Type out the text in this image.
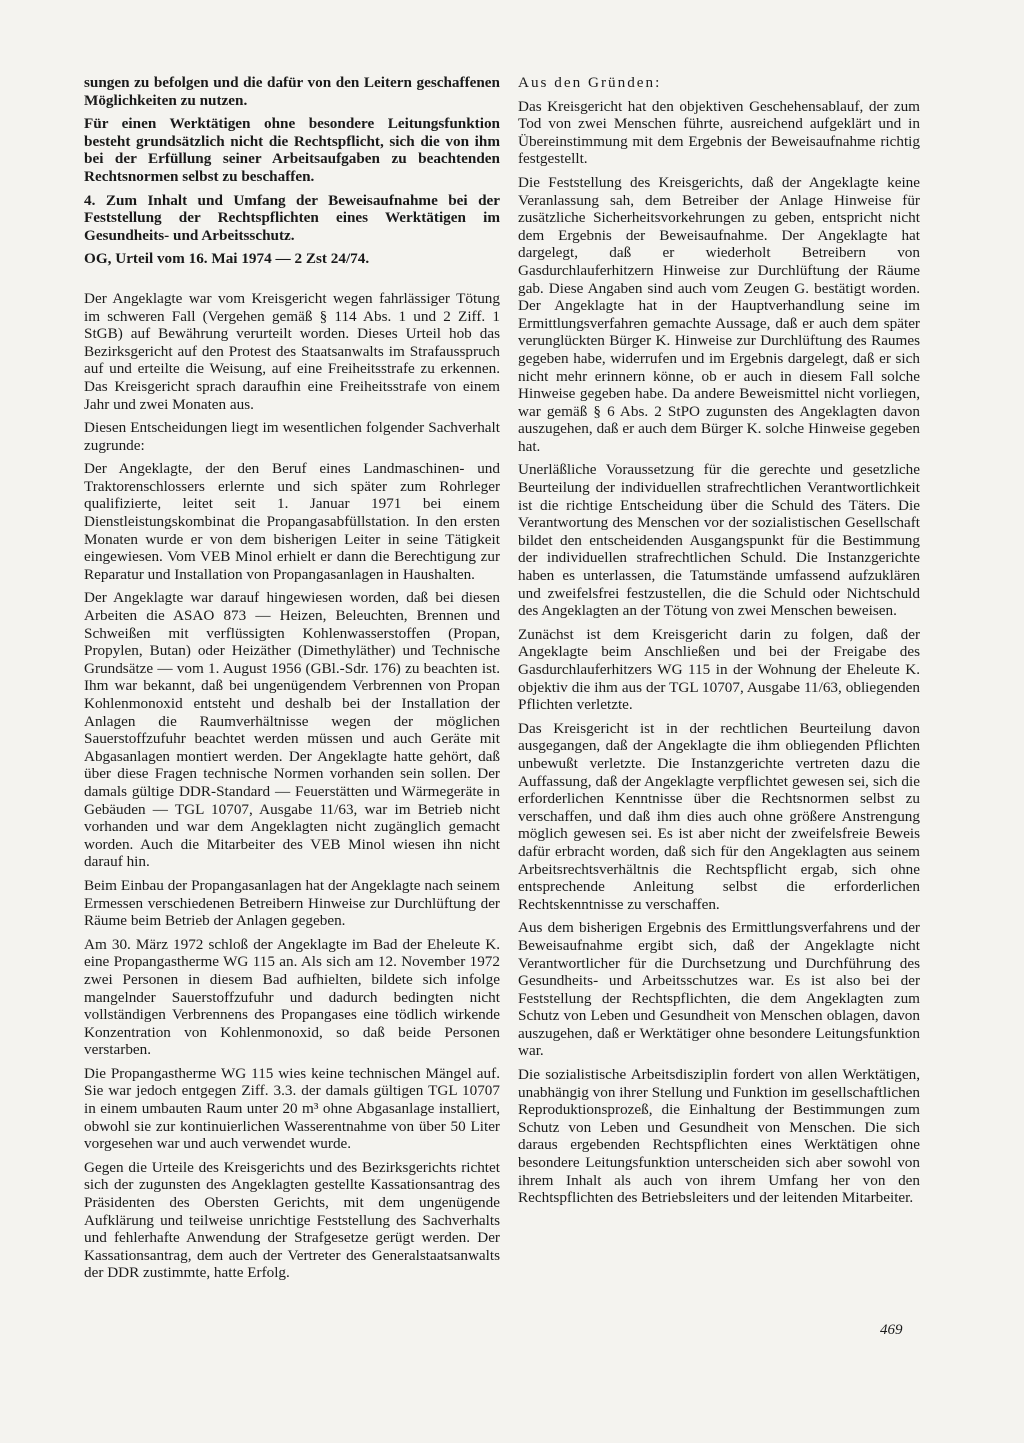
sungen zu befolgen und die dafür von den Leitern geschaffenen Möglichkeiten zu nutzen.

Für einen Werktätigen ohne besondere Leitungsfunktion besteht grundsätzlich nicht die Rechtspflicht, sich die von ihm bei der Erfüllung seiner Arbeitsaufgaben zu beachtenden Rechtsnormen selbst zu beschaffen.

4. Zum Inhalt und Umfang der Beweisaufnahme bei der Feststellung der Rechtspflichten eines Werktätigen im Gesundheits- und Arbeitsschutz.

OG, Urteil vom 16. Mai 1974 — 2 Zst 24/74.

Der Angeklagte war vom Kreisgericht wegen fahrlässiger Tötung im schweren Fall (Vergehen gemäß § 114 Abs. 1 und 2 Ziff. 1 StGB) auf Bewährung verurteilt worden. Dieses Urteil hob das Bezirksgericht auf den Protest des Staatsanwalts im Strafausspruch auf und erteilte die Weisung, auf eine Freiheitsstrafe zu erkennen. Das Kreisgericht sprach daraufhin eine Freiheitsstrafe von einem Jahr und zwei Monaten aus.

Diesen Entscheidungen liegt im wesentlichen folgender Sachverhalt zugrunde:

Der Angeklagte, der den Beruf eines Landmaschinen- und Traktorenschlossers erlernte und sich später zum Rohrleger qualifizierte, leitet seit 1. Januar 1971 bei einem Dienstleistungskombinat die Propangasabfüllstation. In den ersten Monaten wurde er von dem bisherigen Leiter in seine Tätigkeit eingewiesen. Vom VEB Minol erhielt er dann die Berechtigung zur Reparatur und Installation von Propangasanlagen in Haushalten.

Der Angeklagte war darauf hingewiesen worden, daß bei diesen Arbeiten die ASAO 873 — Heizen, Beleuchten, Brennen und Schweißen mit verflüssigten Kohlenwasserstoffen (Propan, Propylen, Butan) oder Heizäther (Dimethyläther) und Technische Grundsätze — vom 1. August 1956 (GBl.-Sdr. 176) zu beachten ist. Ihm war bekannt, daß bei ungenügendem Verbrennen von Propan Kohlenmonoxid entsteht und deshalb bei der Installation der Anlagen die Raumverhältnisse wegen der möglichen Sauerstoffzufuhr beachtet werden müssen und auch Geräte mit Abgasanlagen montiert werden. Der Angeklagte hatte gehört, daß über diese Fragen technische Normen vorhanden sein sollen. Der damals gültige DDR-Standard — Feuerstätten und Wärmegeräte in Gebäuden — TGL 10707, Ausgabe 11/63, war im Betrieb nicht vorhanden und war dem Angeklagten nicht zugänglich gemacht worden. Auch die Mitarbeiter des VEB Minol wiesen ihn nicht darauf hin.

Beim Einbau der Propangasanlagen hat der Angeklagte nach seinem Ermessen verschiedenen Betreibern Hinweise zur Durchlüftung der Räume beim Betrieb der Anlagen gegeben.

Am 30. März 1972 schloß der Angeklagte im Bad der Eheleute K. eine Propangastherme WG 115 an. Als sich am 12. November 1972 zwei Personen in diesem Bad aufhielten, bildete sich infolge mangelnder Sauerstoffzufuhr und dadurch bedingten nicht vollständigen Verbrennens des Propangases eine tödlich wirkende Konzentration von Kohlenmonoxid, so daß beide Personen verstarben.

Die Propangastherme WG 115 wies keine technischen Mängel auf. Sie war jedoch entgegen Ziff. 3.3. der damals gültigen TGL 10707 in einem umbauten Raum unter 20 m³ ohne Abgasanlage installiert, obwohl sie zur kontinuierlichen Wasserentnahme von über 50 Liter vorgesehen war und auch verwendet wurde.

Gegen die Urteile des Kreisgerichts und des Bezirksgerichts richtet sich der zugunsten des Angeklagten gestellte Kassationsantrag des Präsidenten des Obersten Gerichts, mit dem ungenügende Aufklärung und teilweise unrichtige Feststellung des Sachverhalts und fehlerhafte Anwendung der Strafgesetze gerügt werden. Der Kassationsantrag, dem auch der Vertreter des Generalstaatsanwalts der DDR zustimmte, hatte Erfolg.

Aus den Gründen:

Das Kreisgericht hat den objektiven Geschehensablauf, der zum Tod von zwei Menschen führte, ausreichend aufgeklärt und in Übereinstimmung mit dem Ergebnis der Beweisaufnahme richtig festgestellt.

Die Feststellung des Kreisgerichts, daß der Angeklagte keine Veranlassung sah, dem Betreiber der Anlage Hinweise für zusätzliche Sicherheitsvorkehrungen zu geben, entspricht nicht dem Ergebnis der Beweisaufnahme. Der Angeklagte hat dargelegt, daß er wiederholt Betreibern von Gasdurchlauferhitzern Hinweise zur Durchlüftung der Räume gab. Diese Angaben sind auch vom Zeugen G. bestätigt worden. Der Angeklagte hat in der Hauptverhandlung seine im Ermittlungsverfahren gemachte Aussage, daß er auch dem später verunglückten Bürger K. Hinweise zur Durchlüftung des Raumes gegeben habe, widerrufen und im Ergebnis dargelegt, daß er sich nicht mehr erinnern könne, ob er auch in diesem Fall solche Hinweise gegeben habe. Da andere Beweismittel nicht vorliegen, war gemäß § 6 Abs. 2 StPO zugunsten des Angeklagten davon auszugehen, daß er auch dem Bürger K. solche Hinweise gegeben hat.

Unerläßliche Voraussetzung für die gerechte und gesetzliche Beurteilung der individuellen strafrechtlichen Verantwortlichkeit ist die richtige Entscheidung über die Schuld des Täters. Die Verantwortung des Menschen vor der sozialistischen Gesellschaft bildet den entscheidenden Ausgangspunkt für die Bestimmung der individuellen strafrechtlichen Schuld. Die Instanzgerichte haben es unterlassen, die Tatumstände umfassend aufzuklären und zweifelsfrei festzustellen, die die Schuld oder Nichtschuld des Angeklagten an der Tötung von zwei Menschen beweisen.

Zunächst ist dem Kreisgericht darin zu folgen, daß der Angeklagte beim Anschließen und bei der Freigabe des Gasdurchlauferhitzers WG 115 in der Wohnung der Eheleute K. objektiv die ihm aus der TGL 10707, Ausgabe 11/63, obliegenden Pflichten verletzte.

Das Kreisgericht ist in der rechtlichen Beurteilung davon ausgegangen, daß der Angeklagte die ihm obliegenden Pflichten unbewußt verletzte. Die Instanzgerichte vertreten dazu die Auffassung, daß der Angeklagte verpflichtet gewesen sei, sich die erforderlichen Kenntnisse über die Rechtsnormen selbst zu verschaffen, und daß ihm dies auch ohne größere Anstrengung möglich gewesen sei. Es ist aber nicht der zweifelsfreie Beweis dafür erbracht worden, daß sich für den Angeklagten aus seinem Arbeitsrechtsverhältnis die Rechtspflicht ergab, sich ohne entsprechende Anleitung selbst die erforderlichen Rechtskenntnisse zu verschaffen.

Aus dem bisherigen Ergebnis des Ermittlungsverfahrens und der Beweisaufnahme ergibt sich, daß der Angeklagte nicht Verantwortlicher für die Durchsetzung und Durchführung des Gesundheits- und Arbeitsschutzes war. Es ist also bei der Feststellung der Rechtspflichten, die dem Angeklagten zum Schutz von Leben und Gesundheit von Menschen oblagen, davon auszugehen, daß er Werktätiger ohne besondere Leitungsfunktion war.

Die sozialistische Arbeitsdisziplin fordert von allen Werktätigen, unabhängig von ihrer Stellung und Funktion im gesellschaftlichen Reproduktionsprozeß, die Einhaltung der Bestimmungen zum Schutz von Leben und Gesundheit von Menschen. Die sich daraus ergebenden Rechtspflichten eines Werktätigen ohne besondere Leitungsfunktion unterscheiden sich aber sowohl von ihrem Inhalt als auch von ihrem Umfang her von den Rechtspflichten des Betriebsleiters und der leitenden Mitarbeiter.

469
